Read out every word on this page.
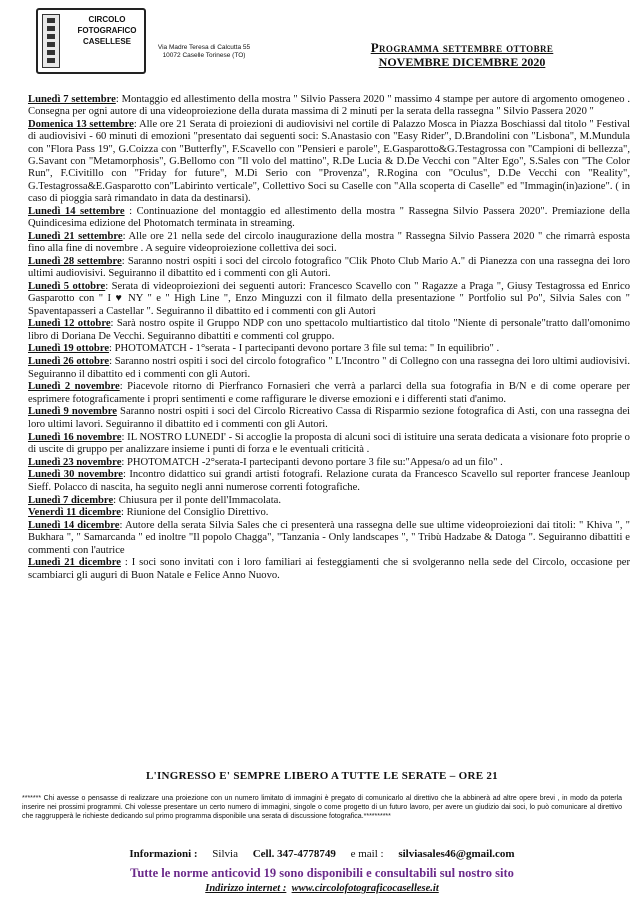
CIRCOLO
FOTOGRAFICO
CASELLESE
Via Madre Teresa di Calcutta 55
10072 Caselle Torinese (TO)
Programma settembre ottobre
NOVEMBRE DICEMBRE 2020
Lunedì 7 settembre: Montaggio ed allestimento della mostra " Silvio Passera 2020 " massimo 4 stampe per autore di argomento omogeneo . Consegna per ogni autore di una videoproiezione della durata massima di 2 minuti per la serata della rassegna " Silvio Passera 2020 "
Domenica 13 settembre: Alle ore 21 Serata di proiezioni di audiovisivi nel cortile di Palazzo Mosca in Piazza Boschiassi dal titolo " Festival di audiovisivi - 60 minuti di emozioni "presentato dai seguenti soci: S.Anastasio con "Easy Rider", D.Brandolini con "Lisbona", M.Mundula con "Flora Pass 19", G.Coizza con "Butterfly", F.Scavello con "Pensieri e parole", E.Gasparotto&G.Testagrossa con "Campioni di bellezza", G.Savant con "Metamorphosis", G.Bellomo con "Il volo del mattino", R.De Lucia & D.De Vecchi con "Alter Ego", S.Sales con "The Color Run", F.Civitillo con "Friday for future", M.Di Serio con "Provenza", R.Rogina con "Oculus", D.De Vecchi con "Reality", G.Testagrossa&E.Gasparotto con"Labirinto verticale", Collettivo Soci su Caselle con "Alla scoperta di Caselle" ed "Immagin(in)azione". ( in caso di pioggia sarà rimandato in data da destinarsi).
Lunedì 14 settembre : Continuazione del montaggio ed allestimento della mostra " Rassegna Silvio Passera 2020". Premiazione della Quindicesima edizione del Photomatch terminata in streaming.
Lunedì 21 settembre: Alle ore 21 nella sede del circolo inaugurazione della mostra " Rassegna Silvio Passera 2020 " che rimarrà esposta fino alla fine di novembre . A seguire videoproiezione collettiva dei soci.
Lunedì 28 settembre: Saranno nostri ospiti i soci del circolo fotografico "Clik Photo Club Mario A." di Pianezza con una rassegna dei loro ultimi audiovisivi. Seguiranno il dibattito ed i commenti con gli Autori.
Lunedì 5 ottobre: Serata di videoproiezioni dei seguenti autori: Francesco Scavello con " Ragazze a Praga ", Giusy Testagrossa ed Enrico Gasparotto con " I ♥ NY " e " High Line ", Enzo Minguzzi con il filmato della presentazione " Portfolio sul Po", Silvia Sales con " Spaventapasseri a Castellar ". Seguiranno il dibattito ed i commenti con gli Autori
Lunedì 12 ottobre: Sarà nostro ospite il Gruppo NDP con uno spettacolo multiartistico dal titolo "Niente di personale"tratto dall'omonimo libro di Doriana De Vecchi. Seguiranno dibattiti e commenti col gruppo.
Lunedì 19 ottobre: PHOTOMATCH - 1°serata - I partecipanti devono portare 3 file sul tema: " In equilibrio" .
Lunedì 26 ottobre: Saranno nostri ospiti i soci del circolo fotografico " L'Incontro " di Collegno con una rassegna dei loro ultimi audiovisivi. Seguiranno il dibattito ed i commenti con gli Autori.
Lunedì 2 novembre: Piacevole ritorno di Pierfranco Fornasieri che verrà a parlarci della sua fotografia in B/N e di come operare per esprimere fotograficamente i propri sentimenti e come raffigurare le diverse emozioni e i differenti stati d'animo.
Lunedì 9 novembre Saranno nostri ospiti i soci del Circolo Ricreativo Cassa di Risparmio sezione fotografica di Asti, con una rassegna dei loro ultimi lavori. Seguiranno il dibattito ed i commenti con gli Autori.
Lunedì 16 novembre: IL NOSTRO LUNEDI' - Si accoglie la proposta di alcuni soci di istituire una serata dedicata a visionare foto proprie o di uscite di gruppo per analizzare insieme i punti di forza e le eventuali criticità .
Lunedì 23 novembre: PHOTOMATCH -2°serata-I partecipanti devono portare 3 file su:"Appesa/o ad un filo" .
Lunedì 30 novembre: Incontro didattico sui grandi artisti fotografi. Relazione curata da Francesco Scavello sul reporter francese Jeanloup Sieff. Polacco di nascita, ha seguito negli anni numerose correnti fotografiche.
Lunedì 7 dicembre: Chiusura per il ponte dell'Immacolata.
Venerdì 11 dicembre: Riunione del Consiglio Direttivo.
Lunedì 14 dicembre: Autore della serata Silvia Sales che ci presenterà una rassegna delle sue ultime videoproiezioni dai titoli: " Khiva ", " Bukhara ", " Samarcanda " ed inoltre "Il popolo Chagga", "Tanzania - Only landscapes ", " Tribù Hadzabe & Datoga ". Seguiranno dibattiti e commenti con l'autrice
Lunedì 21 dicembre : I soci sono invitati con i loro familiari ai festeggiamenti che si svolgeranno nella sede del Circolo, occasione per scambiarci gli auguri di Buon Natale e Felice Anno Nuovo.
L'INGRESSO E' SEMPRE LIBERO A TUTTE LE SERATE – ORE 21
******* Chi avesse o pensasse di realizzare una proiezione con un numero limitato di immagini è pregato di comunicarlo al direttivo che la abbinerà ad altre opere brevi , in modo da poterla inserire nei prossimi programmi. Chi volesse presentare un certo numero di immagini, singole o come progetto di un futuro lavoro, per avere un giudizio dai soci, lo può comunicare al direttivo che raggrupperà le richieste dedicando sul primo programma disponibile una serata di discussione fotografica.**********
Informazioni : Silvia Cell. 347-4778749 e mail : silviasales46@gmail.com
Tutte le norme anticovid 19 sono disponibili e consultabili sul nostro sito
Indirizzo internet : www.circolofotograficocasellese.it
